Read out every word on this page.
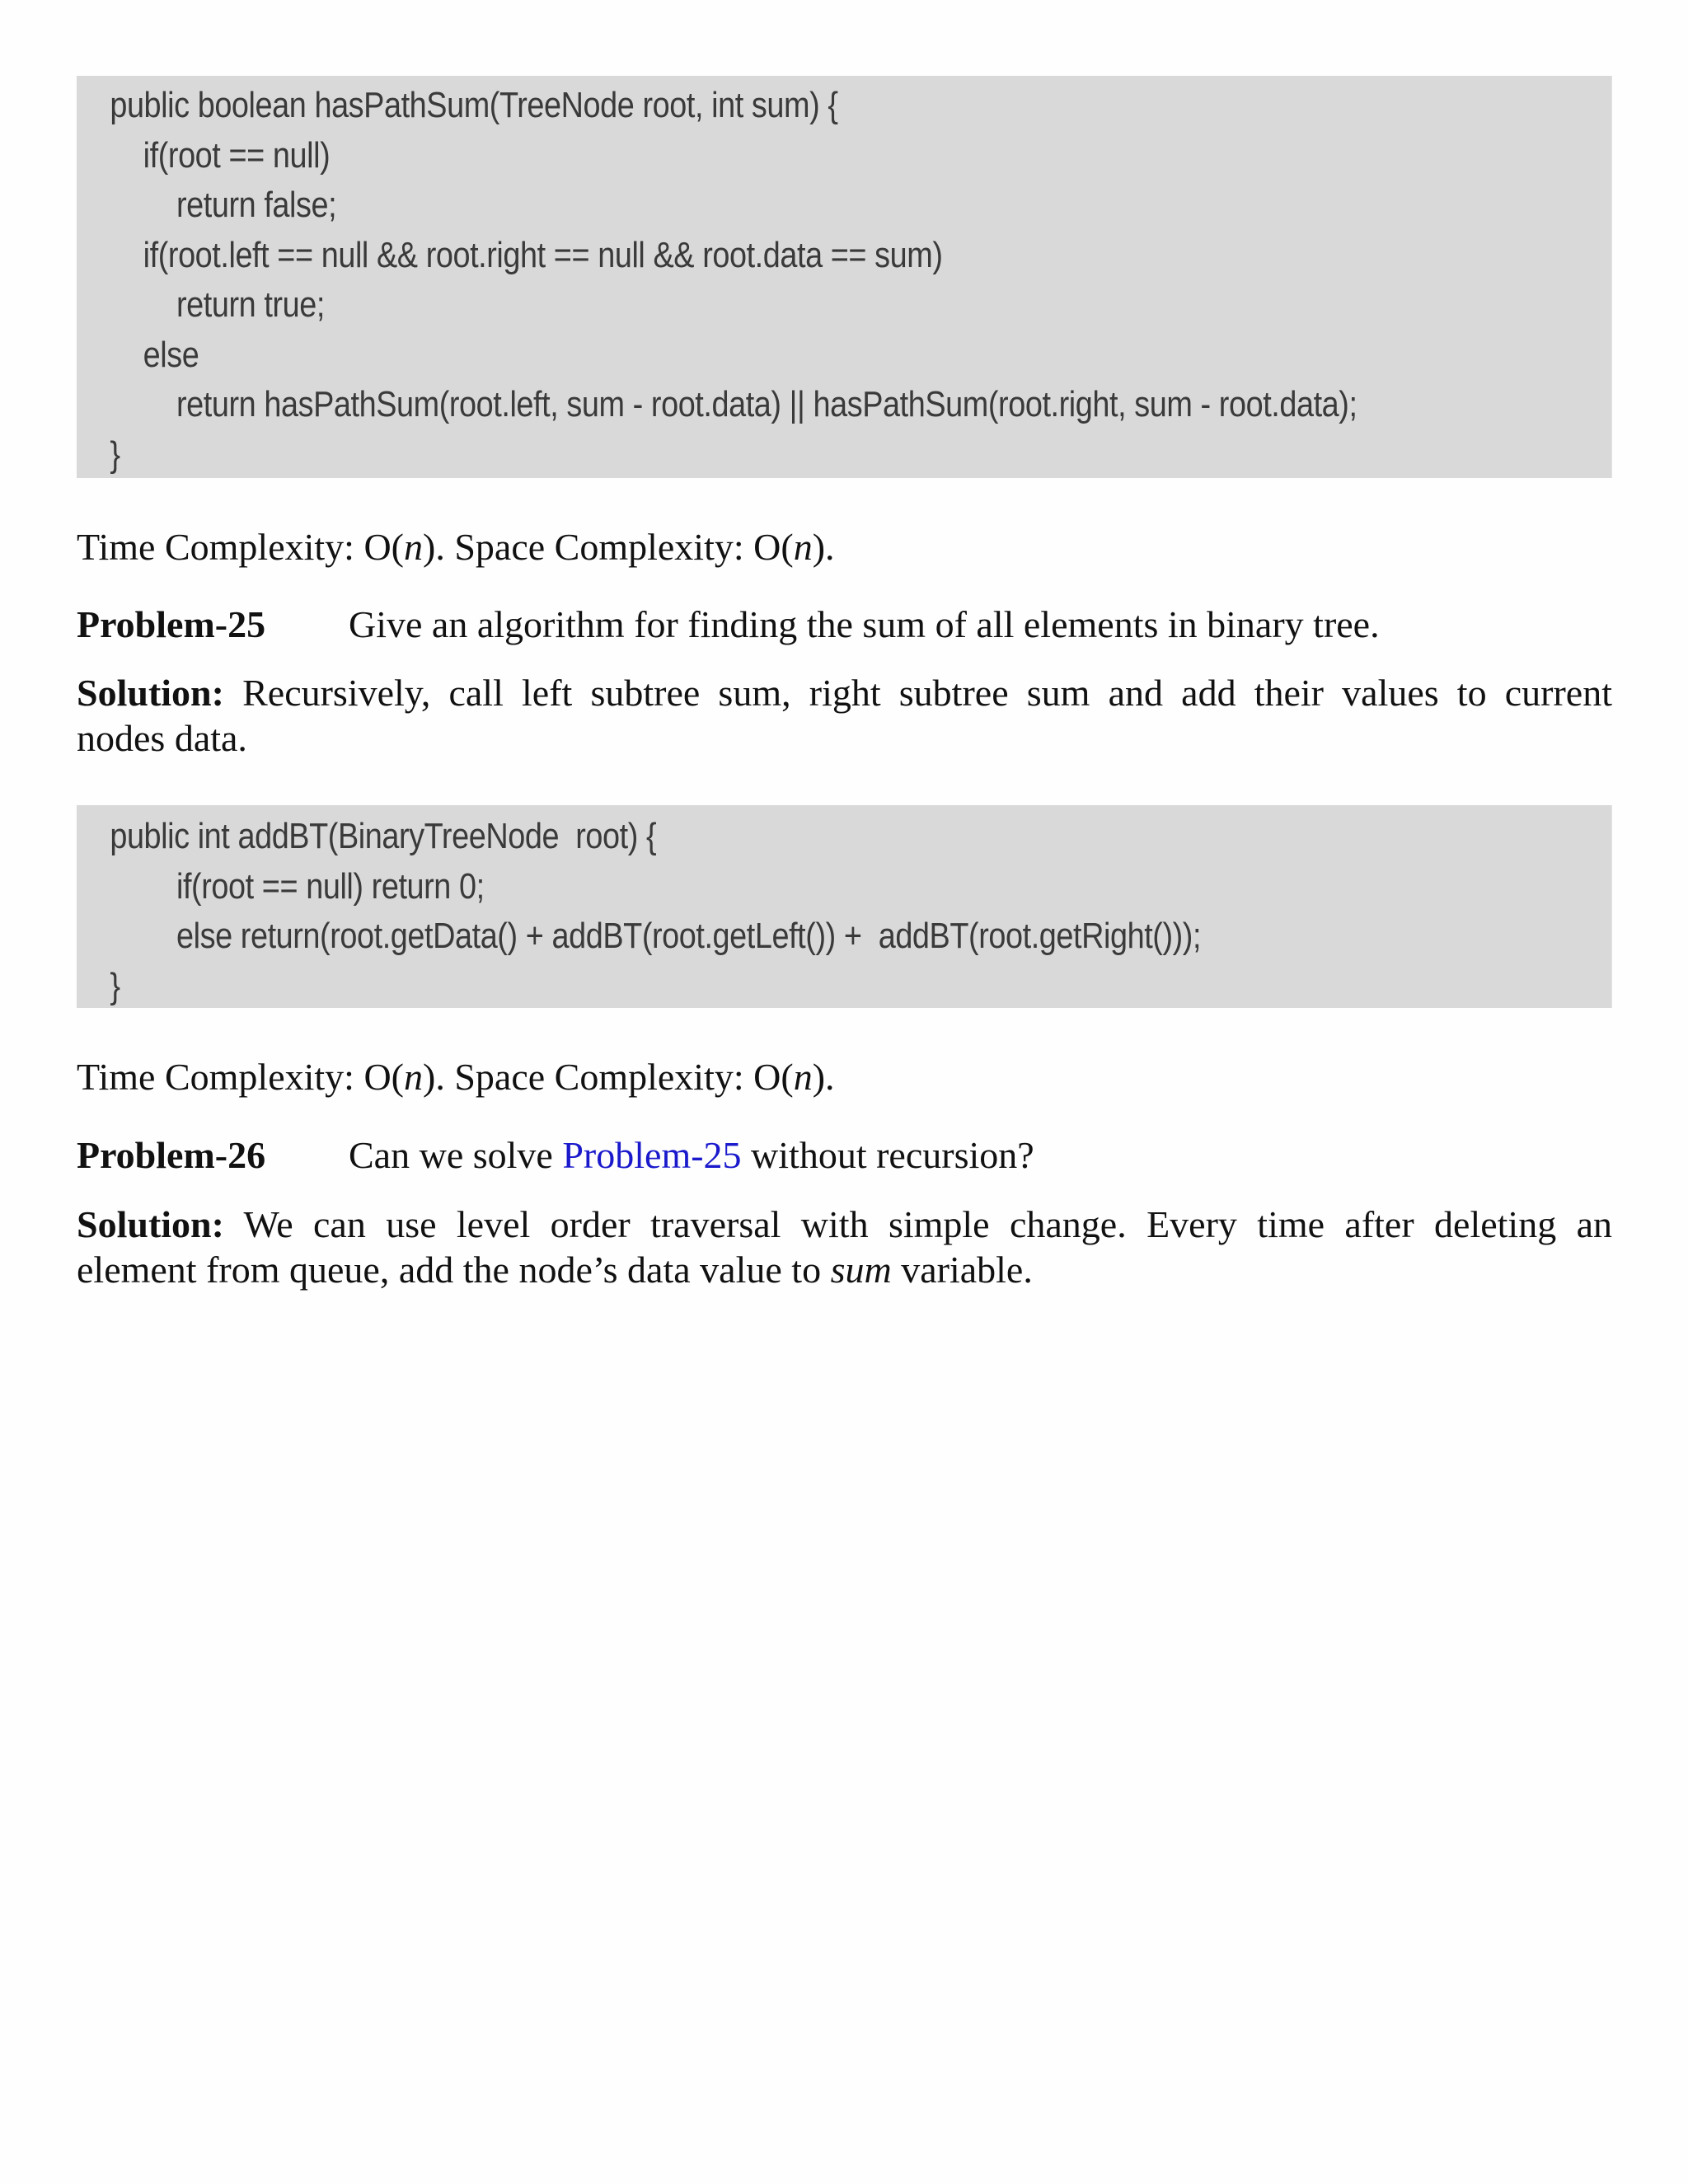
public boolean hasPathSum(TreeNode root, int sum) {
if(root == null)
return false;
if(root.left == null && root.right == null && root.data == sum)
return true;
else
return hasPathSum(root.left, sum - root.data) || hasPathSum(root.right, sum - root.data);
}
Time Complexity: O(n). Space Complexity: O(n).
Problem-25 Give an algorithm for finding the sum of all elements in binary tree.
Solution: Recursively, call left subtree sum, right subtree sum and add their values to current
nodes data.
public int addBT(BinaryTreeNode  root) {
if(root == null) return 0;
else return(root.getData() + addBT(root.getLeft()) +  addBT(root.getRight()));
}
Time Complexity: O(n). Space Complexity: O(n).
Problem-26 Can we solve Problem-25 without recursion?
Solution: We can use level order traversal with simple change. Every time after deleting an
element from queue, add the node’s data value to sum variable.
